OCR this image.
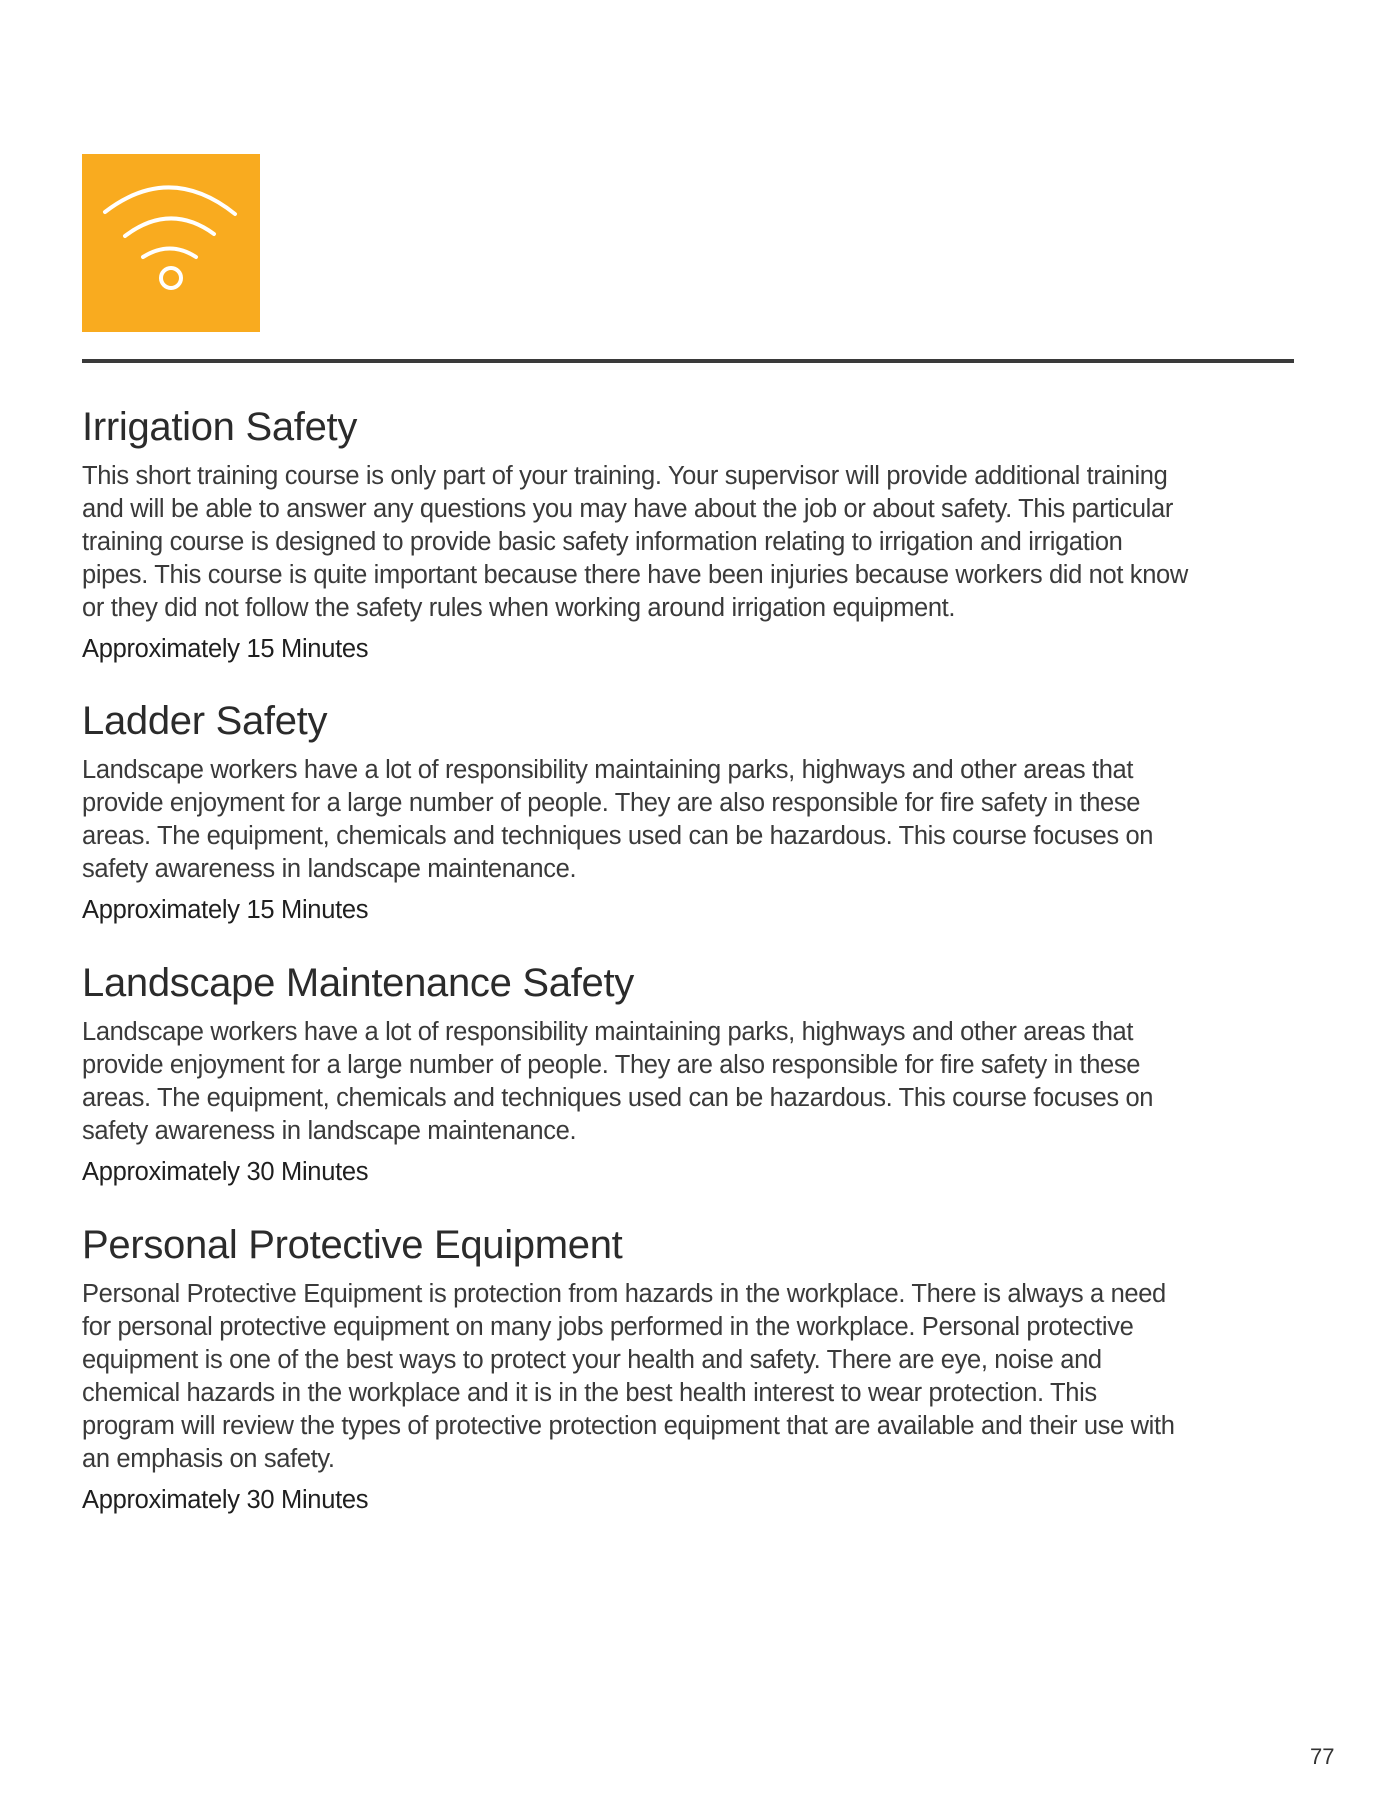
Irrigation Safety
This short training course is only part of your training. Your supervisor will provide additional training
and will be able to answer any questions you may have about the job or about safety. This particular
training course is designed to provide basic safety information relating to irrigation and irrigation
pipes. This course is quite important because there have been injuries because workers did not know
or they did not follow the safety rules when working around irrigation equipment.
Approximately 15 Minutes
Ladder Safety
Landscape workers have a lot of responsibility maintaining parks, highways and other areas that
provide enjoyment for a large number of people. They are also responsible for fire safety in these
areas. The equipment, chemicals and techniques used can be hazardous. This course focuses on
safety awareness in landscape maintenance.
Approximately 15 Minutes
Landscape Maintenance Safety
Landscape workers have a lot of responsibility maintaining parks, highways and other areas that
provide enjoyment for a large number of people. They are also responsible for fire safety in these
areas. The equipment, chemicals and techniques used can be hazardous. This course focuses on
safety awareness in landscape maintenance.
Approximately 30 Minutes
Personal Protective Equipment
Personal Protective Equipment is protection from hazards in the workplace. There is always a need
for personal protective equipment on many jobs performed in the workplace. Personal protective
equipment is one of the best ways to protect your health and safety. There are eye, noise and
chemical hazards in the workplace and it is in the best health interest to wear protection. This
program will review the types of protective protection equipment that are available and their use with
an emphasis on safety.
Approximately 30 Minutes
77
